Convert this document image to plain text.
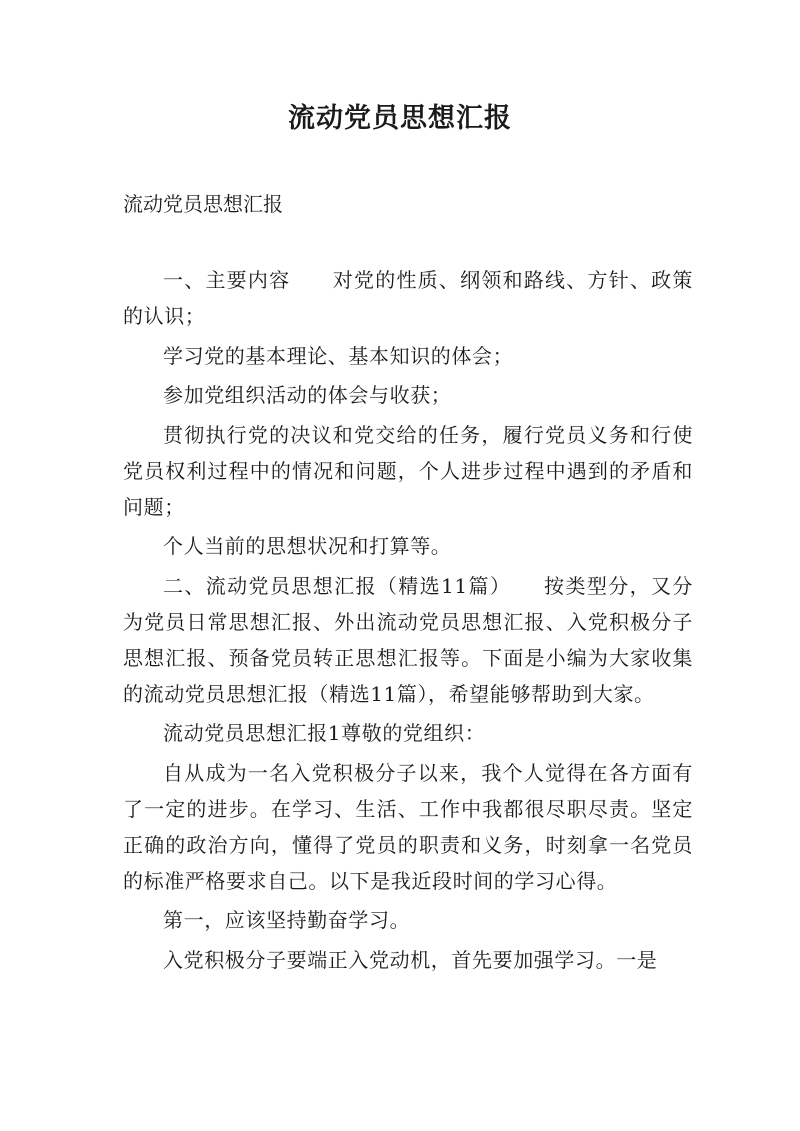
流动党员思想汇报
流动党员思想汇报

一、主要内容　　对党的性质、纲领和路线、方针、政策的认识；

学习党的基本理论、基本知识的体会；

参加党组织活动的体会与收获；

贯彻执行党的决议和党交给的任务，履行党员义务和行使党员权利过程中的情况和问题，个人进步过程中遇到的矛盾和问题；

个人当前的思想状况和打算等。

二、流动党员思想汇报（精选11篇）　　按类型分，又分为党员日常思想汇报、外出流动党员思想汇报、入党积极分子思想汇报、预备党员转正思想汇报等。下面是小编为大家收集的流动党员思想汇报（精选11篇），希望能够帮助到大家。

流动党员思想汇报1尊敬的党组织：

自从成为一名入党积极分子以来，我个人觉得在各方面有了一定的进步。在学习、生活、工作中我都很尽职尽责。坚定正确的政治方向，懂得了党员的职责和义务，时刻拿一名党员的标准严格要求自己。以下是我近段时间的学习心得。

第一，应该坚持勤奋学习。

入党积极分子要端正入党动机，首先要加强学习。一是
